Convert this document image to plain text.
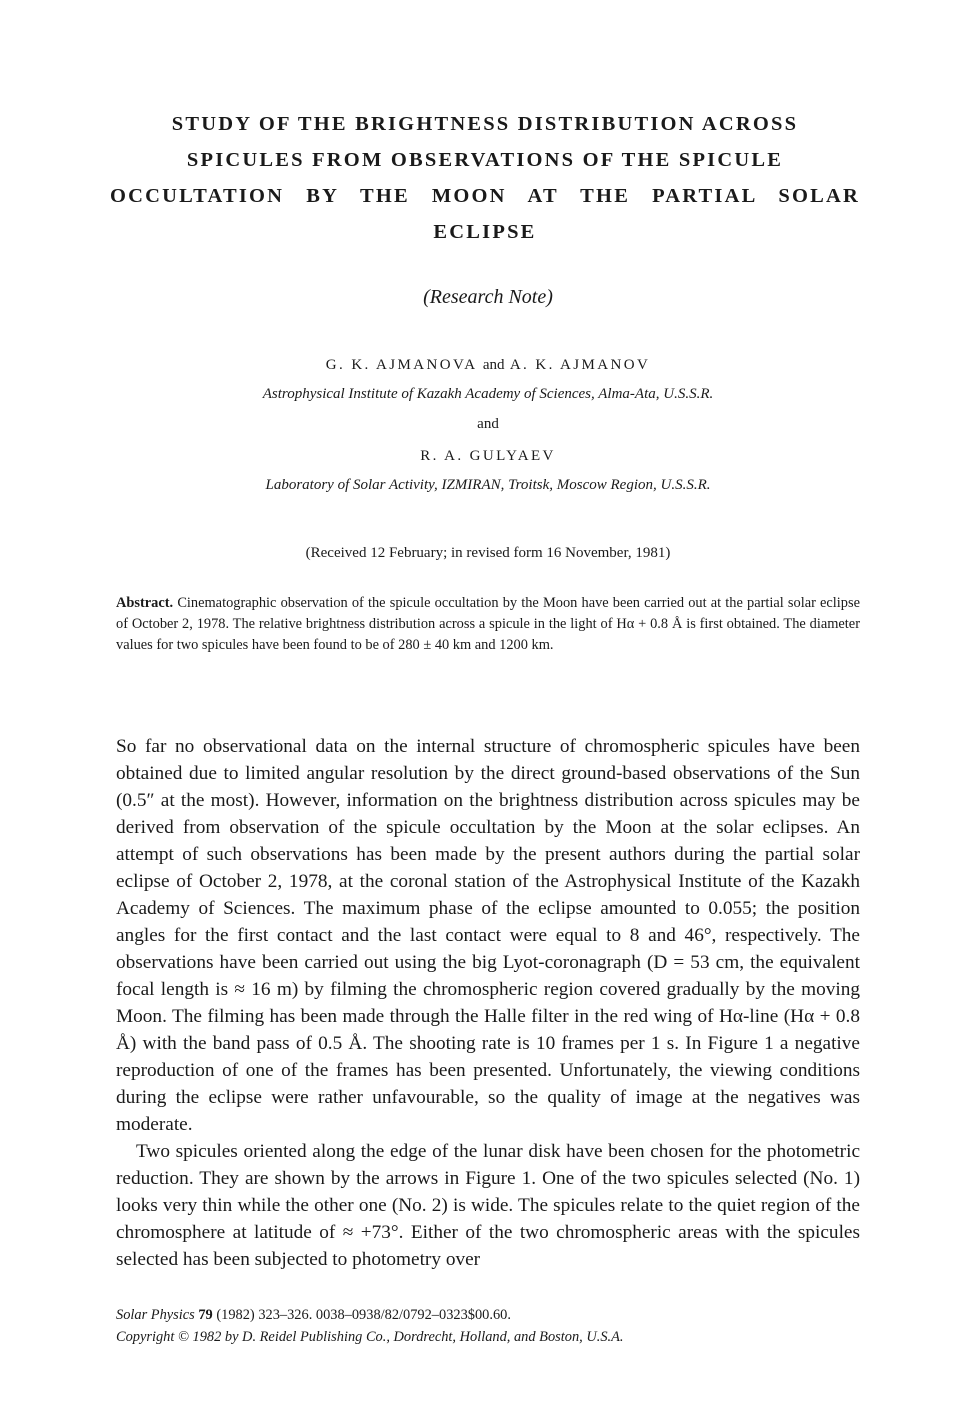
STUDY OF THE BRIGHTNESS DISTRIBUTION ACROSS
SPICULES FROM OBSERVATIONS OF THE SPICULE
OCCULTATION BY THE MOON AT THE PARTIAL SOLAR
ECLIPSE
(Research Note)
G. K. AJMANOVA and A. K. AJMANOV
Astrophysical Institute of Kazakh Academy of Sciences, Alma-Ata, U.S.S.R.
and
R. A. GULYAEV
Laboratory of Solar Activity, IZMIRAN, Troitsk, Moscow Region, U.S.S.R.
(Received 12 February; in revised form 16 November, 1981)

Abstract. Cinematographic observation of the spicule occultation by the Moon have been carried out at the partial solar eclipse of October 2, 1978. The relative brightness distribution across a spicule in the light of Hα + 0.8 Å is first obtained. The diameter values for two spicules have been found to be of 280 ± 40 km and 1200 km.

So far no observational data on the internal structure of chromospheric spicules have been obtained due to limited angular resolution by the direct ground-based observations of the Sun (0.5″ at the most). However, information on the brightness distribution across spicules may be derived from observation of the spicule occultation by the Moon at the solar eclipses. An attempt of such observations has been made by the present authors during the partial solar eclipse of October 2, 1978, at the coronal station of the Astrophysical Institute of the Kazakh Academy of Sciences. The maximum phase of the eclipse amounted to 0.055; the position angles for the first contact and the last contact were equal to 8 and 46°, respectively. The observations have been carried out using the big Lyot-coronagraph (D = 53 cm, the equivalent focal length is ≈ 16 m) by filming the chromospheric region covered gradually by the moving Moon. The filming has been made through the Halle filter in the red wing of Hα-line (Hα + 0.8 Å) with the band pass of 0.5 Å. The shooting rate is 10 frames per 1 s. In Figure 1 a negative reproduction of one of the frames has been presented. Unfortunately, the viewing conditions during the eclipse were rather unfavourable, so the quality of image at the negatives was moderate.

Two spicules oriented along the edge of the lunar disk have been chosen for the photometric reduction. They are shown by the arrows in Figure 1. One of the two spicules selected (No. 1) looks very thin while the other one (No. 2) is wide. The spicules relate to the quiet region of the chromosphere at latitude of ≈ +73°. Either of the two chromospheric areas with the spicules selected has been subjected to photometry over

Solar Physics 79 (1982) 323–326. 0038–0938/82/0792–0323$00.60.
Copyright © 1982 by D. Reidel Publishing Co., Dordrecht, Holland, and Boston, U.S.A.
